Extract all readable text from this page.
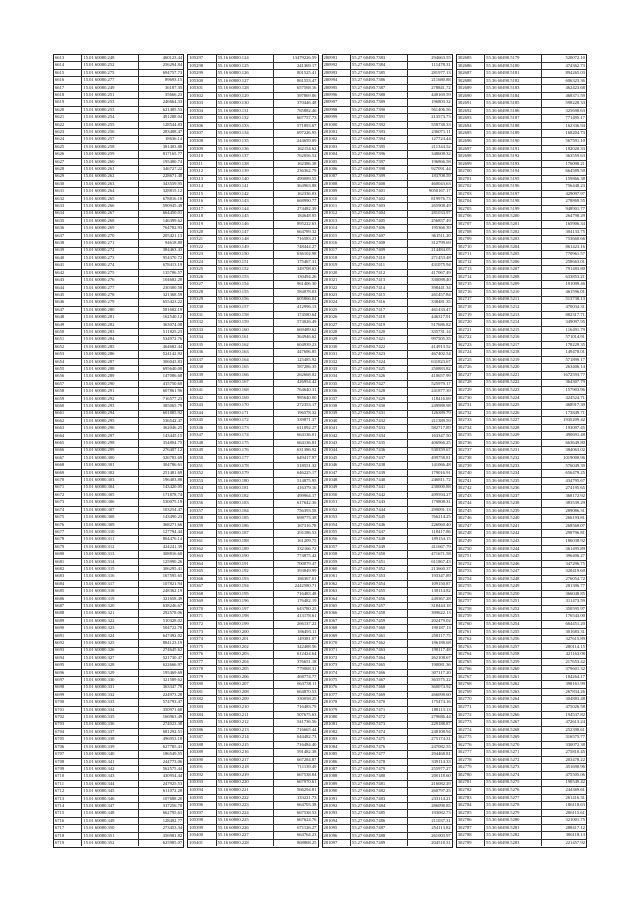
6613	15.01 60080.248	460123.44
6614	15.01 60080.252	256294.84
6615	15.01 60080.275	694757.73
6616	15.01 60080.277	89693.15
6617	15.01 60080.249	36187.35
6618	15.01 60080.251	35666.23
6619	15.01 60080.253	246664.33
6620	15.01 60080.253	621485.53
6621	15.01 60080.254	491288.04
6622	15.01 60080.255	128544.83
6623	15.01 60080.256	283408.47
6624	15.01 60080.257	18636.14
6625	15.01 60080.258	381403.88
6626	15.01 60080.259	817165.77
6627	15.01 60080.260	195400.74
6628	15.01 60080.261	346727.22
6629	15.01 60080.262	228671.48
6630	15.01 60080.263	343559.95
6631	15.01 60080.264	328815.12
6632	15.01 60080.265	678816.18
6633	15.01 60080.266	590945.49
6634	15.01 60080.267	664450.01
6635	15.01 60080.268	146399.62
6636	15.01 60080.269	764782.93
6637	15.01 60080.270	205421.13
6638	15.01 60080.271	94618.80
6639	15.01 60080.272	384463.43
6640	15.01 60080.273	954370.72
6641	15.01 60080.274	678413.19
6642	15.01 60080.275	135706.57
6643	15.01 60080.276	104682.28
6644	15.01 60080.277	230300.58
6645	15.01 60080.278	321368.59
6646	15.01 60080.279	655423.22
6647	15.01 60080.280	581602.19
6648	15.01 60080.281	162540.12
6649	15.01 60080.282	363074.08
6650	15.01 60080.283	511825.23
6651	15.01 60080.284	534972.76
6652	15.01 60080.285	464682.44
6653	15.01 60080.286	524142.92
6654	15.01 60080.287	306043.83
6655	15.01 60080.288	695640.08
6656	15.01 60080.289	147086.68
6657	15.01 60080.290	415750.60
6658	15.01 60080.291	607861.96
6659	15.01 60080.292	716577.23
6660	15.01 60080.293	385065.79
6661	15.01 60080.294	601885.92
6662	15.01 60080.295	536542.47
6663	15.01 60080.296	362046.25
6664	15.01 60080.297	143445.15
6665	15.01 60080.298	354804.75
6666	15.01 60080.299	276407.12
6667	15.01 60080.300	326783.69
6668	15.01 60080.301	304786.61
6669	15.01 60080.302	251481.69
6670	15.01 60080.303	196403.88
6671	15.01 60080.304	143420.05
6672	15.01 60080.305	171878.74
6673	15.01 60080.306	530075.19
6674	15.01 60080.307	103254.47
6675	15.01 60080.308	143490.23
6676	15.01 60080.309	368271.66
6677	15.01 60080.310	127794.44
6678	15.01 60080.311	804476.14
6679	15.01 60080.312	424241.39
6680	15.01 60080.313	308816.60
6681	15.01 60080.314	125990.26
6682	15.01 60080.315	306295.41
6683	15.01 60080.316	167595.65
6684	15.01 60080.317	107821.94
6685	15.01 60080.318	248362.19
6686	15.01 60080.319	321658.49
6687	15.01 60080.320	638246.67
6688	15.01 60080.321	292578.06
6689	15.01 60080.322	510328.02
6690	15.01 60080.323	504722.78
6691	15.01 60080.324	647492.02
6692	15.01 60080.325	884123.19
6693	15.01 60080.326	274645.62
6694	15.01 60080.327	521730.47
6695	15.01 60080.328	622666.97
6696	15.01 60080.329	195469.69
6697	15.01 60080.330	321589.62
6698	15.01 60080.331	363347.79
6699	15.01 60080.332	224973.28
6700	15.01 60080.333	574793.47
6701	15.01 60080.334	350971.68
6702	15.01 60080.335	166963.49
6703	15.01 60080.336	274023.38
6704	15.01 60080.337	681292.51
6705	15.01 60080.338	496953.18
6706	15.01 60080.339	627785.41
6707	15.01 60080.340	186549.55
6708	15.01 60080.341	244773.06
6709	15.01 60080.342	562575.44
6710	15.01 60080.343	430954.44
6711	15.01 60080.344	247925.53
6712	15.01 60080.345	611072.28
6713	15.01 60080.346	107688.20
6714	15.01 60080.347	317256.78
6715	15.01 60080.348	662795.61
6716	15.01 60080.349	128492.77
6717	15.01 60080.350	273453.34
6718	15.01 60080.351	356981.82
6719	15.01 60080.352	625985.07
105297	55.16 60800.124	13479226.59
105298	55.16 60800.125	241369.17
105299	55.16 60800.126	801525.41
105300	55.16 60800.127	861553.47
105301	55.16 60800.128	657568.16
105302	55.16 60800.129	397869.06
105303	55.16 60800.130	370446.48
105304	55.16 60800.131	765882.46
105305	55.16 60800.132	667757.73
105306	55.16 60800.133	571893.67
105307	55.16 60800.134	697226.95
105308	55.16 60800.135	244659.09
105309	55.16 60800.136	162154.62
105310	55.16 60800.137	762056.52
105311	55.16 60800.138	162386.38
105312	55.16 60800.139	236362.79
105313	55.16 60800.140	499089.55
105314	55.16 60800.141	364963.88
105315	55.16 60800.142	162336.03
105316	55.16 60800.143	668990.77
105317	55.16 60800.144	274482.39
105318	55.16 60800.145	184648.05
105319	55.16 60800.146	895222.63
105320	55.16 60800.147	664789.32
105321	55.16 60800.148	716583.21
105322	55.16 60800.149	748444.27
105323	55.16 60800.150	636102.98
105324	55.16 60800.151	175467.31
105325	55.16 60800.152	349708.03
105326	55.16 60800.153	130494.26
105327	55.16 60800.154	961406.30
105328	55.16 60800.155	584078.03
105329	55.16 60800.156	605866.04
105330	55.16 60800.157	412996.13
105331	55.16 60800.158	174580.64
105332	55.16 60800.159	574026.49
105333	55.16 60800.160	669489.62
105334	55.16 60800.161	364946.62
105335	55.16 60800.162	604939.23
105336	55.16 60800.163	447696.85
105337	55.16 60800.164	125485.92
105338	55.16 60800.165	587286.35
105339	55.16 60800.166	262668.02
105340	55.16 60800.167	426954.42
105341	55.16 60800.168	764640.31
105342	55.16 60800.169	985640.00
105343	55.16 60800.170	272353.17
105344	55.16 60800.171	196578.32
105345	55.16 60800.172	339871.37
105346	55.16 60800.173	611092.27
105347	55.16 60800.174	664136.01
105348	55.16 60800.175	664136.81
105349	55.16 60800.176	631386.92
105350	55.16 60800.177	649417.97
105351	55.16 60800.178	518551.32
105352	55.16 60800.179	646225.17
105353	55.16 60800.180	514875.95
105354	55.16 60800.181	416379.16
105355	55.16 60800.182	499964.17
105356	55.16 60800.183	617642.36
105357	55.16 60800.184	756393.58
105358	55.16 60800.185	698775.38
105359	55.16 60800.186	167316.78
105360	55.16 60800.187	291186.53
105361	55.16 60800.188	161209.75
105362	55.16 60800.189	332166.72
105363	55.16 60800.190	774875.42
105364	55.16 60800.191	700079.47
105365	55.16 60800.192	393849.99
105366	55.16 60800.193	186367.01
105367	55.16 60800.194	2442580.71
105368	55.16 60800.195	716483.48
105369	55.16 60800.196	176482.19
105370	55.16 60800.197	643780.25
105371	55.16 60800.198	413178.61
105372	55.16 60800.199	266137.22
105373	55.16 60800.200	186493.11
105374	55.16 60800.201	149381.07
105375	55.16 60800.202	342488.56
105376	55.16 60800.203	612424.64
105377	55.16 60800.204	376651.18
105378	55.16 60800.205	779068.31
105379	55.16 60800.206	468774.77
105380	55.16 60800.207	663738.11
105381	55.16 60800.208	664870.53
105382	55.16 60800.209	330058.25
105383	55.16 60800.210	716483.79
105384	55.16 60800.211	507675.63
105385	55.16 60800.212	541736.56
105386	55.16 60800.213	716665.44
105387	55.16 60800.214	644482.73
105388	55.16 60800.215	716484.40
105389	55.16 60800.216	591482.38
105390	55.16 60800.217	667284.87
105391	55.16 60800.218	711139.49
105392	55.16 60800.219	667538.84
105393	55.16 60800.220	667970.61
105394	55.16 60800.221	566294.81
105395	55.16 60800.222	133221.73
105396	55.16 60800.223	664703.38
105397	55.16 60800.224	667538.53
105398	55.16 60800.225	667624.76
105399	55.16 60800.226	671126.27
105400	55.16 60800.227	664764.23
105401	55.16 60800.228	868868.25
280991	55.27 60490.7383	294663.55
280992	55.27 60490.7384	111478.31
280993	55.27 60490.7385	281977.13
280994	55.27 60490.7386	211680.88
280995	55.27 60490.7387	278841.72
280996	55.27 60490.7388	440169.59
280997	55.27 60490.7389	196803.32
280998	55.27 60490.7390	561406.56
280999	55.27 60490.7391	213573.73
281000	55.27 60490.7392	558738.33
281001	55.27 60490.7393	236071.11
281002	55.27 60490.7394	127724.44
281003	55.27 60490.7395	211344.52
281004	55.27 60490.7396	348608.32
281005	55.27 60490.7397	196866.58
281006	55.27 60490.7398	927091.44
281007	55.27 60490.7399	183708.59
281008	55.27 60490.7400	460043.63
281009	55.27 60490.7401	9050167.17
281010	55.27 60490.7402	819976.73
281011	55.27 60490.7403	265908.49
281012	55.27 60490.7404	281033.97
281013	55.27 60490.7405	256857.49
281014	55.27 60490.7406	195366.39
281015	55.27 60490.7407	361511.20
281016	55.27 60490.7408	312799.69
281017	55.27 60490.7409	214484.05
281018	55.27 60490.7410	271453.48
281019	55.27 60490.7411	431075.94
281020	55.27 60490.7412	417067.49
281021	55.27 60490.7413	330088.40
281022	55.27 60490.7414	398441.34
281023	55.27 60490.7415	261457.84
281024	55.27 60490.7416	338481.35
281025	55.27 60490.7417	461433.47
281026	55.27 60490.7418	446317.91
281027	55.27 60490.7419	517686.82
281028	55.27 60490.7420	335731.14
281029	55.27 60490.7421	997505.35
281030	55.27 60490.7422	414913.52
281031	55.27 60490.7423	467402.54
281032	55.27 60490.7424	631823.67
281033	55.27 60490.7425	250883.82
281034	55.27 60490.7426	410657.99
281035	55.27 60490.7427	525979.17
281036	55.27 60490.7428	241877.39
281037	55.27 60490.7429	118416.69
281038	55.27 60490.7430	249988.98
281039	55.27 60490.7431	126389.79
281040	55.27 60490.7432	211389.59
281041	55.27 60490.7433	582717.89
281042	55.27 60490.7434	163347.50
281043	55.27 60490.7435	406966.25
281044	55.27 60490.7436	530359.67
281045	55.27 60490.7437	499758.81
281046	55.27 60490.7438	141066.48
281047	55.27 60490.7439	179016.91
281048	55.27 60490.7440	246811.72
281049	55.27 60490.7441	230000.88
281050	55.27 60490.7442	209594.27
281051	55.27 60490.7443	179808.31
281052	55.27 60490.7444	299091.13
281053	55.27 60490.7445	766214.25
281054	55.27 60490.7446	226060.40
281055	55.27 60490.7447	118417.86
281056	55.27 60490.7448	189154.15
281057	55.27 60490.7449	411667.79
281058	55.27 60490.7450	471671.58
281059	55.27 60490.7451	611867.43
281060	55.27 60490.7452	213660.37
281061	55.27 60490.7453	193347.89
281062	55.27 60490.7454	109150.87
281063	55.27 60490.7455	138114.82
281064	55.27 60490.7456	249367.28
281065	55.27 60490.7457	318444.18
281066	55.27 60490.7458	399622.13
281067	55.27 60490.7459	202479.02
281068	55.27 60490.7460	190187.13
281069	55.27 60490.7461	258117.75
281070	55.27 60490.7462	186188.68
281071	55.27 60490.7463	198117.48
281072	55.27 60490.7464	262108.67
281073	55.27 60490.7465	190081.36
281074	55.27 60490.7466	307117.20
281075	55.27 60490.7467	363575.22
281076	55.27 60490.7468	360074.92
281077	55.27 60490.7469	266098.60
281078	55.27 60490.7470	175474.16
281079	55.27 60490.7471	188113.13
281080	55.27 60490.7472	279686.44
281081	55.27 60490.7473	229188.87
281082	55.27 60490.7474	248108.94
281083	55.27 60490.7475	275174.31
281084	55.27 60490.7476	247082.55
281085	55.27 60490.7477	294468.81
281086	55.27 60490.7478	339114.33
281087	55.27 60490.7479	255977.27
281088	55.27 60490.7480	200118.60
281089	55.27 60490.7481	216082.29
281090	55.27 60490.7482	260797.25
281091	55.27 60490.7483	233114.21
281092	55.27 60490.7484	286098.85
281093	55.27 60490.7485	193082.73
281094	55.27 60490.7486	211037.31
281095	55.27 60490.7487	254113.82
281096	55.27 60490.7488	261003.97
281097	55.27 60490.7489	204518.31
302685	55.36 60490.5179	520072.10
302686	55.36 60490.5180	474362.73
302687	55.36 60490.5181	894265.03
302688	55.36 60490.5182	606323.36
302689	55.36 60490.5183	462423.68
302690	55.36 60490.5184	468371.59
302691	55.36 60490.5185	598228.33
302692	55.36 60490.5186	325698.63
302693	55.36 60490.5187	771495.17
302694	55.36 60490.5188	162336.94
302695	55.36 60490.5189	168204.73
302696	55.36 60490.5190	567591.10
302697	55.36 60490.5191	182020.33
302698	55.36 60490.5192	363559.63
302699	55.36 60490.5193	176098.21
302700	55.36 60490.5194	664589.50
302701	55.36 60490.5195	159866.38
302702	55.36 60490.5196	756448.23
302703	55.36 60490.5197	429097.97
302704	55.36 60490.5198	278869.55
302705	55.36 60490.5199	948901.77
302706	55.36 60490.5200	264798.29
302707	55.36 60490.5201	165906.34
302708	55.36 60490.5202	304133.75
302709	55.36 60490.5203	753660.66
302710	55.36 60490.5204	861423.16
302711	55.36 60490.5205	770961.57
302712	55.36 60490.5206	258663.01
302713	55.36 60490.5207	791483.80
302714	55.36 60490.5208	633853.21
302715	55.36 60490.5209	191099.46
302716	55.36 60490.5210	461596.01
302717	55.36 60490.5211	513738.13
302718	55.36 60490.5212	470034.31
302719	55.36 60490.5213	882317.71
302720	55.36 60490.5214	349097.95
302721	55.36 60490.5215	116491.79
302722	55.36 60490.5216	571014.91
302723	55.36 60490.5217	178229.35
302724	55.36 60490.5218	149478.01
302725	55.36 60490.5219	571899.17
302726	55.36 60490.5220	263406.14
302727	55.36 60490.5221	1672593.77
302728	55.36 60490.5222	364307.79
302729	55.36 60490.5223	157903.96
302730	55.36 60490.5224	424524.71
302731	55.36 60490.5225	468917.39
302732	55.36 60490.5226	173849.71
302733	55.36 60490.5227	1935209.42
302734	55.36 60490.5228	193097.45
302735	55.36 60490.5229	490691.48
302736	55.36 60490.5230	663649.80
302737	55.36 60490.5231	384063.02
302738	55.36 60490.5232	1019000.96
302739	55.36 60490.5233	576049.39
302740	55.36 60490.5234	656479.25
302741	55.36 60490.5235	434795.67
302742	55.36 60490.5236	274195.65
302743	55.36 60490.5237	368172.92
302744	55.36 60490.5238	383539.29
302745	55.36 60490.5239	289086.31
302746	55.36 60490.5240	266193.81
302747	55.36 60490.5241	268568.07
302748	55.36 60490.5242	298796.81
302749	55.36 60490.5243	186038.92
302750	55.36 60490.5244	361495.89
302751	55.36 60490.5245	396406.27
302752	55.36 60490.5246	347296.75
302753	55.36 60490.5247	320419.60
302754	55.36 60490.5248	276054.72
302755	55.36 60490.5249	281396.77
302756	55.36 60490.5250	366048.85
302757	55.36 60490.5251	311473.59
302758	55.36 60490.5252	350595.97
302759	55.36 60490.5253	176543.00
302760	55.36 60490.5254	664451.20
302761	55.36 60490.5255	301683.31
302762	55.36 60490.5256	327615.89
302763	55.36 60490.5257	280114.15
302764	55.36 60490.5258	421163.08
302765	55.36 60490.5259	217653.42
302766	55.36 60490.5260	379601.32
302767	55.36 60490.5261	184264.17
302768	55.36 60490.5262	398161.99
302769	55.36 60490.5263	267834.26
302770	55.36 60490.5264	304883.48
302771	55.36 60490.5265	475026.58
302772	55.36 60490.5266	194537.82
302773	55.36 60490.5267	472613.24
302774	55.36 60490.5268	252398.61
302775	55.36 60490.5269	316575.77
302776	55.36 60490.5270	330072.38
302777	55.36 60490.5271	275810.45
302778	55.36 60490.5272	203478.22
302779	55.36 60490.5273	451690.96
302780	55.36 60490.5274	475505.06
302781	55.36 60490.5275	190549.42
302782	55.36 60490.5276	244369.61
302783	55.36 60490.5277	261416.31
302784	55.36 60490.5278	186118.63
302785	55.36 60490.5279	206115.61
302786	55.36 60490.5280	321001.75
302787	55.36 60490.5281	288417.12
302788	55.36 60490.5282	306118.13
302789	55.36 60490.5283	221457.92
